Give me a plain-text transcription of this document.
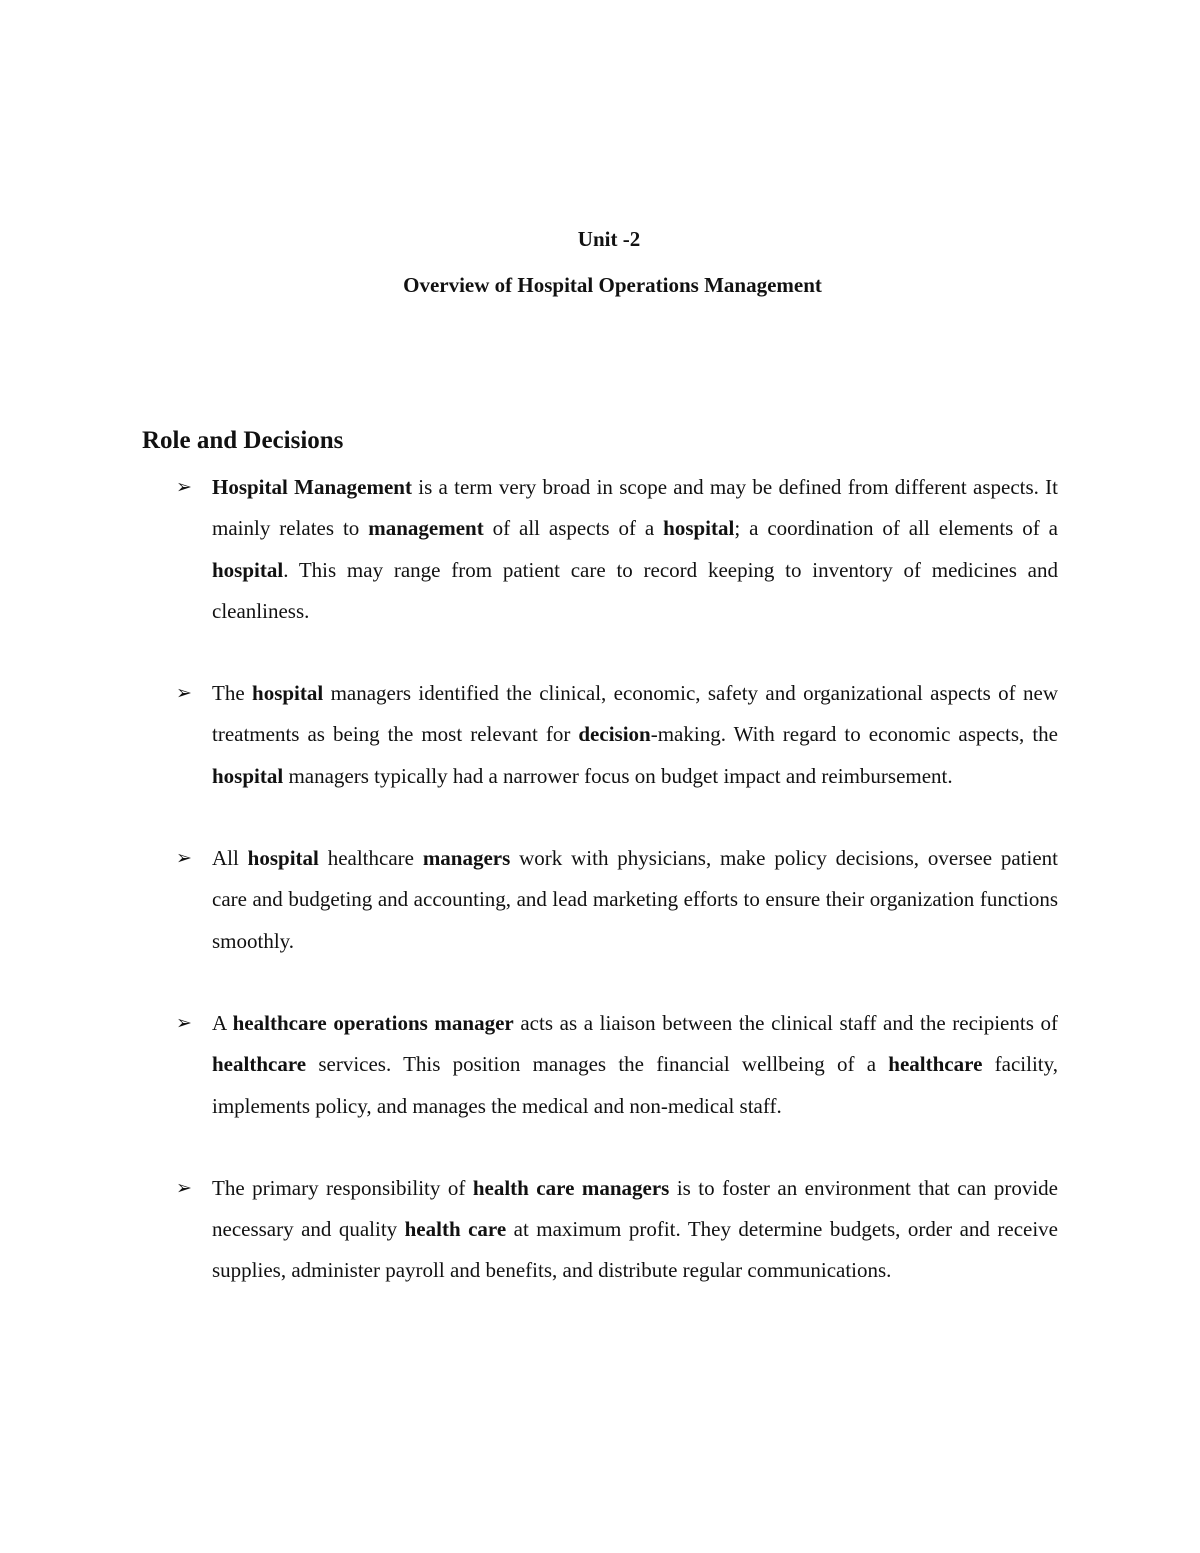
Unit -2
Overview of Hospital Operations Management
Role and Decisions
➢ Hospital Management is a term very broad in scope and may be defined from different aspects. It mainly relates to management of all aspects of a hospital; a coordination of all elements of a hospital. This may range from patient care to record keeping to inventory of medicines and cleanliness.
➢ The hospital managers identified the clinical, economic, safety and organizational aspects of new treatments as being the most relevant for decision-making. With regard to economic aspects, the hospital managers typically had a narrower focus on budget impact and reimbursement.
➢ All hospital healthcare managers work with physicians, make policy decisions, oversee patient care and budgeting and accounting, and lead marketing efforts to ensure their organization functions smoothly.
➢ A healthcare operations manager acts as a liaison between the clinical staff and the recipients of healthcare services. This position manages the financial wellbeing of a healthcare facility, implements policy, and manages the medical and non-medical staff.
➢ The primary responsibility of health care managers is to foster an environment that can provide necessary and quality health care at maximum profit. They determine budgets, order and receive supplies, administer payroll and benefits, and distribute regular communications.
